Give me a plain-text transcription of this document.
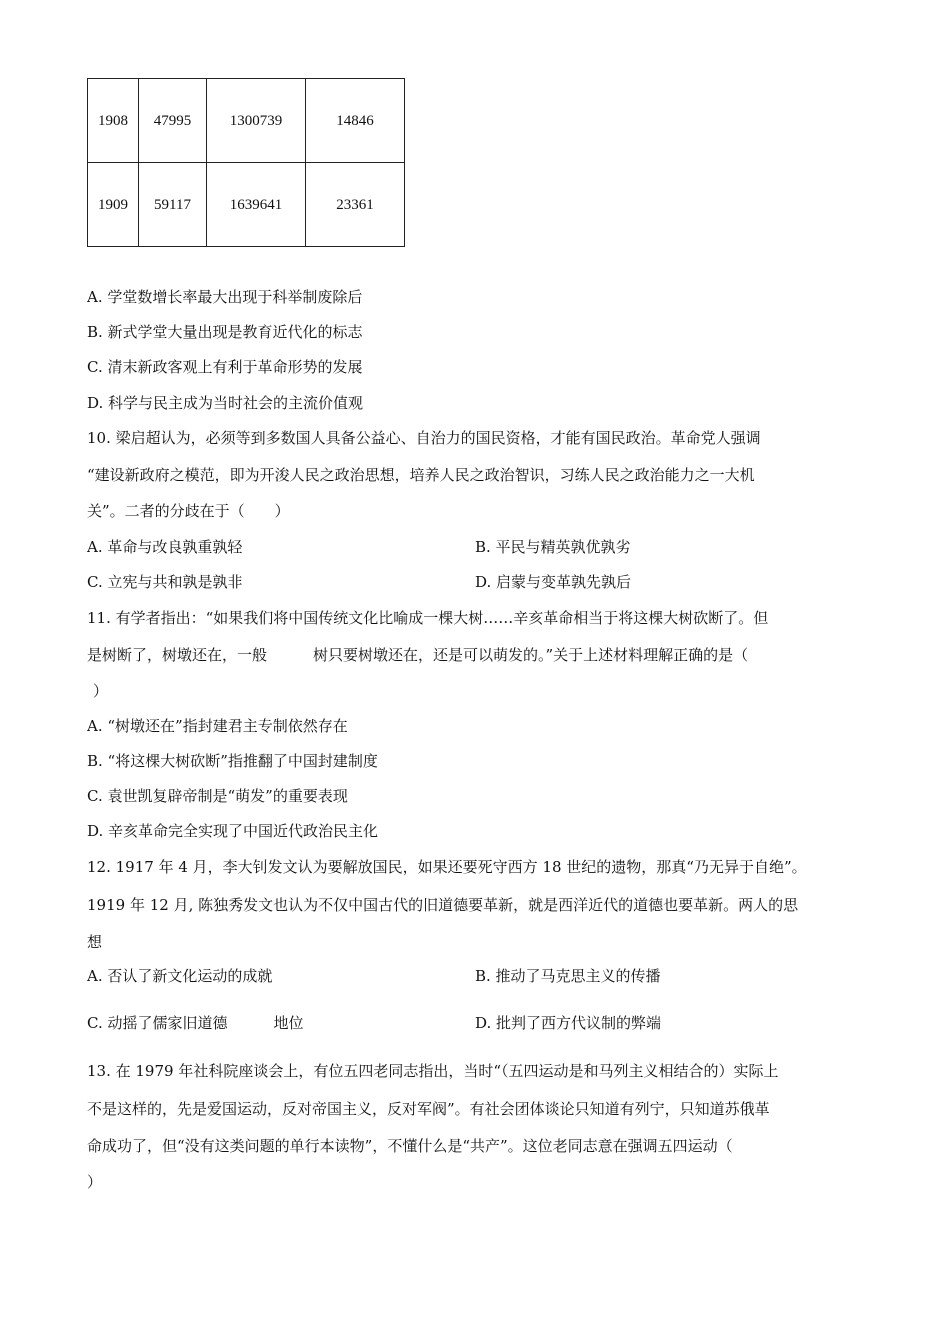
1908	47995	1300739	14846
1909	59117	1639641	23361
A. 学堂数增长率最大出现于科举制废除后
B. 新式学堂大量出现是教育近代化的标志
C. 清末新政客观上有利于革命形势的发展
D. 科学与民主成为当时社会的主流价值观
10. 梁启超认为，必须等到多数国人具备公益心、自治力的国民资格，才能有国民政治。革命党人强调
“建设新政府之模范，即为开浚人民之政治思想，培养人民之政治智识，习练人民之政治能力之一大机
关”。二者的分歧在于（　　）
A. 革命与改良孰重孰轻	B. 平民与精英孰优孰劣
C. 立宪与共和孰是孰非	D. 启蒙与变革孰先孰后
11. 有学者指出：“如果我们将中国传统文化比喻成一棵大树……辛亥革命相当于将这棵大树砍断了。但
是树断了，树墩还在，一般	树只要树墩还在，还是可以萌发的。”关于上述材料理解正确的是（
）
A. “树墩还在”指封建君主专制依然存在
B. “将这棵大树砍断”指推翻了中国封建制度
C. 袁世凯复辟帝制是“萌发”的重要表现
D. 辛亥革命完全实现了中国近代政治民主化
12. 1917 年 4 月，李大钊发文认为要解放国民，如果还要死守西方 18 世纪的遗物，那真“乃无异于自绝”。
1919 年 12 月, 陈独秀发文也认为不仅中国古代的旧道德要革新，就是西洋近代的道德也要革新。两人的思
想
A. 否认了新文化运动的成就	B. 推动了马克思主义的传播
C. 动摇了儒家旧道德	地位	D. 批判了西方代议制的弊端
13. 在 1979 年社科院座谈会上，有位五四老同志指出，当时“（五四运动是和马列主义相结合的）实际上
不是这样的，先是爱国运动，反对帝国主义，反对军阀”。有社会团体谈论只知道有列宁，只知道苏俄革
命成功了，但“没有这类问题的单行本读物”，不懂什么是“共产”。这位老同志意在强调五四运动（
）
